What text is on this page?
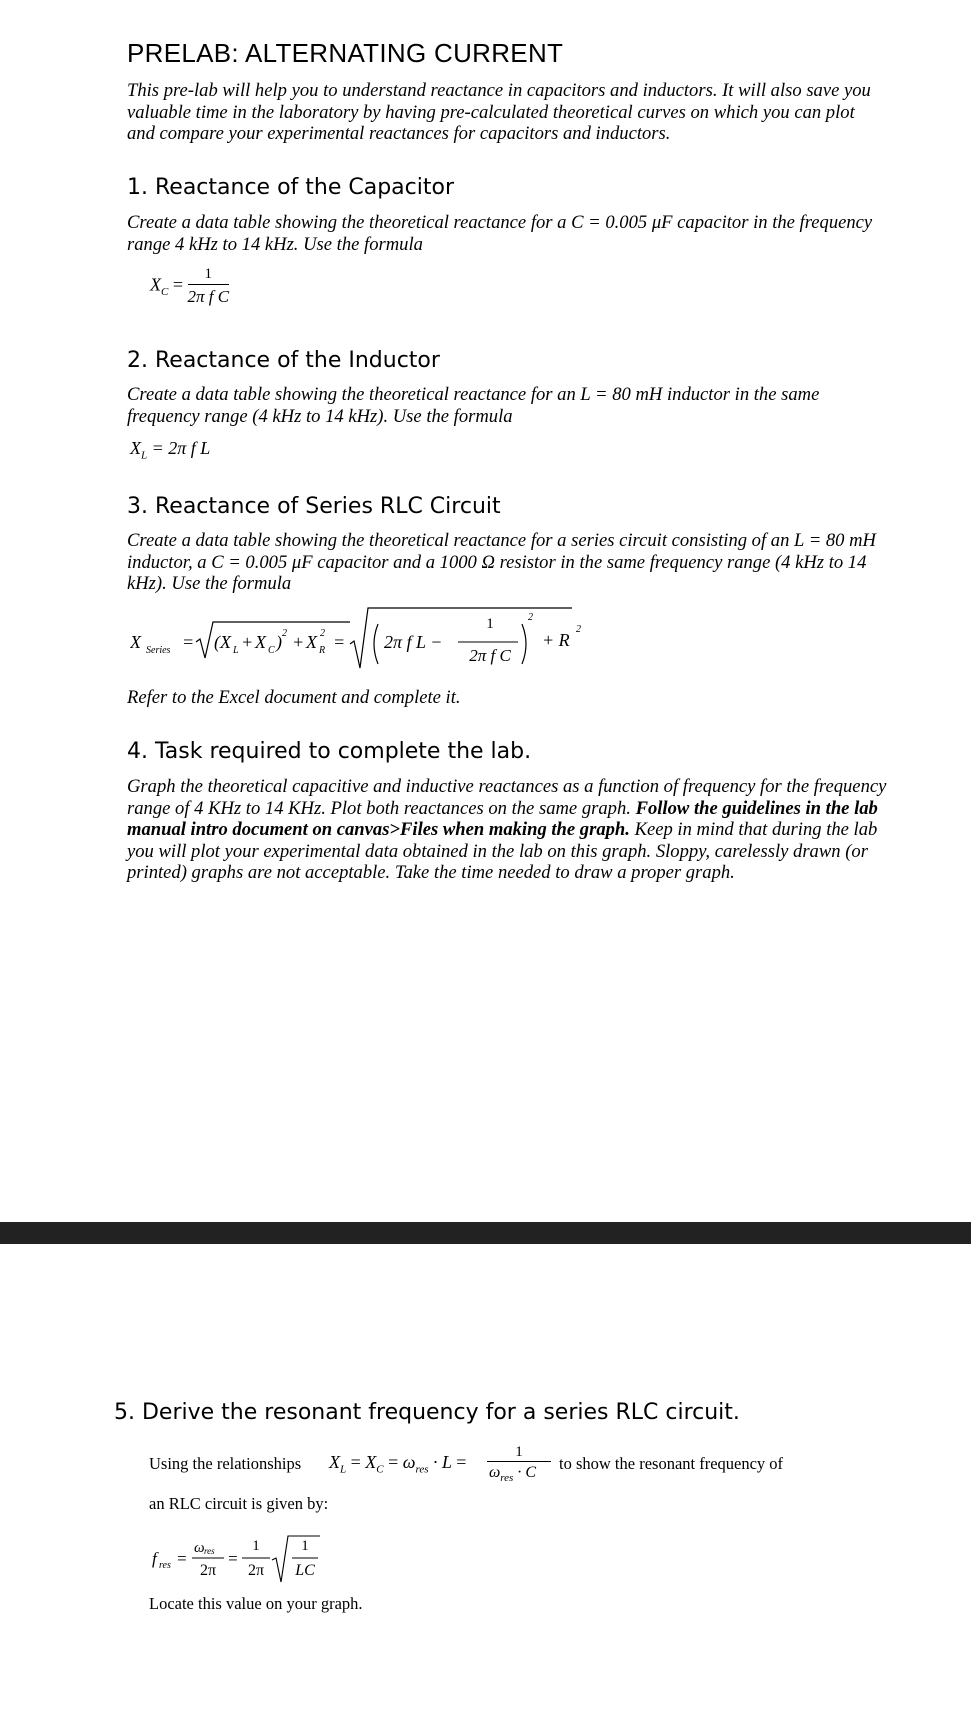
PRELAB: ALTERNATING CURRENT
This pre-lab will help you to understand reactance in capacitors and inductors. It will also save you valuable time in the laboratory by having pre-calculated theoretical curves on which you can plot and compare your experimental reactances for capacitors and inductors.
1. Reactance of the Capacitor
Create a data table showing the theoretical reactance for a C = 0.005 μF capacitor in the frequency range 4 kHz to 14 kHz. Use the formula
$X_C = \frac{1}{\text{2π f C}}$
2. Reactance of the Inductor
Create a data table showing the theoretical reactance for an L = 80 mH inductor in the same frequency range (4 kHz to 14 kHz). Use the formula
$X_L = 2\pi$ f L
3. Reactance of Series RLC Circuit
Create a data table showing the theoretical reactance for a series circuit consisting of an L = 80 mH inductor, a C = 0.005 μF capacitor and a 1000 Ω resistor in the same frequency range (4 kHz to 14 kHz). Use the formula
X Series = (X L + X C ) 2 + X R
2 = 2π f L −
2
1
2π f C
+ R
2
Refer to the Excel document and complete it.
4. Task required to complete the lab.
Graph the theoretical capacitive and inductive reactances as a function of frequency for the frequency range of 4 KHz to 14 KHz. Plot both reactances on the same graph. Follow the guidelines in the lab manual intro document on canvas>Files when making the graph. Keep in mind that during the lab you will plot your experimental data obtained in the lab on this graph. Sloppy, carelessly drawn (or printed) graphs are not acceptable. Take the time needed to draw a proper graph.
5. Derive the resonant frequency for a series RLC circuit.
Using the relationships $X_L = X_C = \omega_{res} \cdot L$ =	1
$\omega_{res} \cdot C$ to show the resonant frequency of
an RLC circuit is given by:
f res =
ω res =
2π
1
2π
1
LC
Locate this value on your graph.
